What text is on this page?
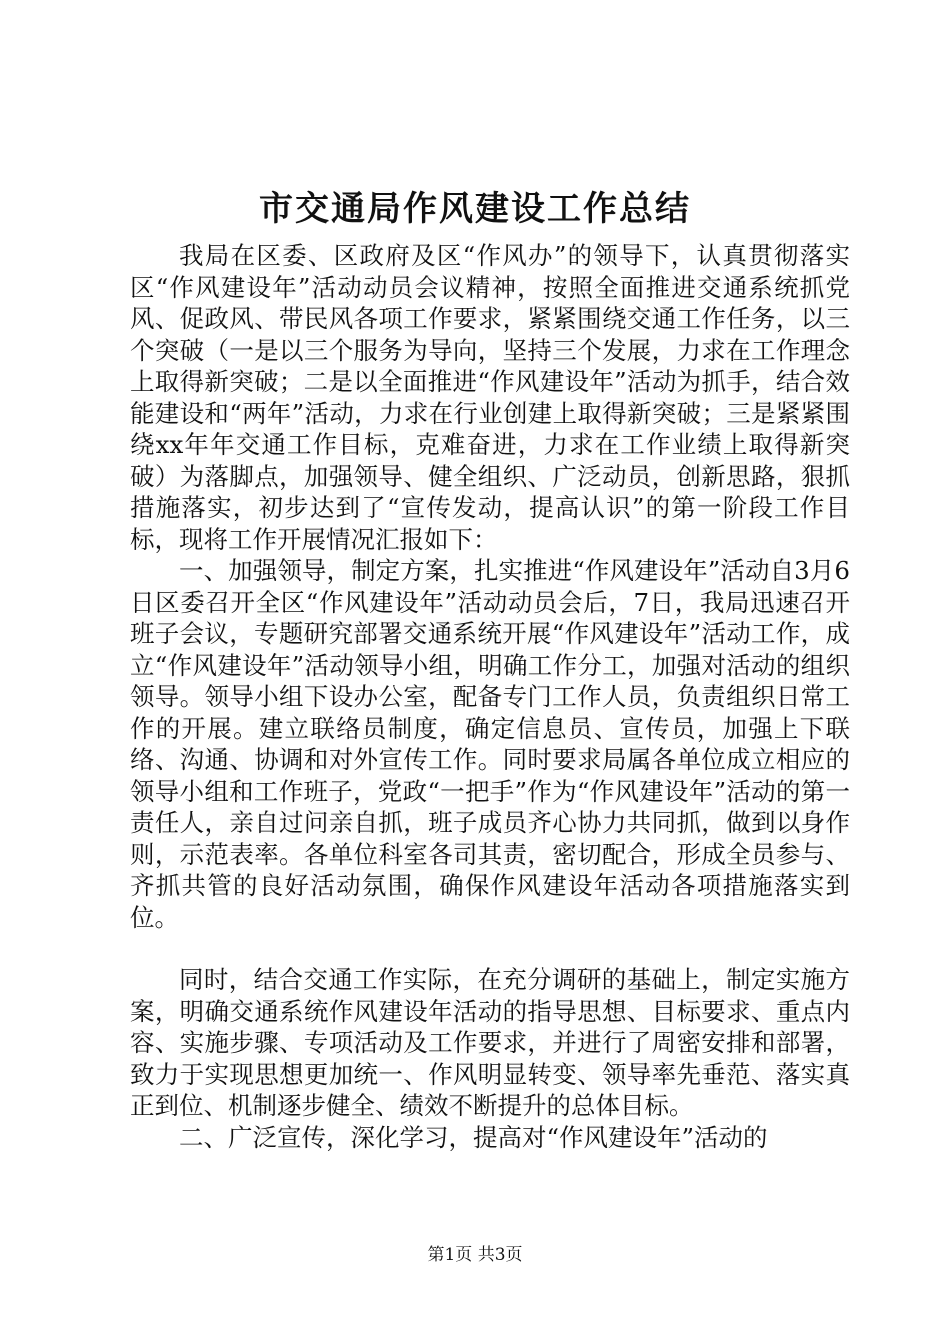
市交通局作风建设工作总结

我局在区委、区政府及区“作风办”的领导下，认真贯彻落实区“作风建设年”活动动员会议精神，按照全面推进交通系统抓党风、促政风、带民风各项工作要求，紧紧围绕交通工作任务，以三个突破（一是以三个服务为导向，坚持三个发展，力求在工作理念上取得新突破；二是以全面推进“作风建设年”活动为抓手，结合效能建设和“两年”活动，力求在行业创建上取得新突破；三是紧紧围绕xx年年交通工作目标，克难奋进，力求在工作业绩上取得新突破）为落脚点，加强领导、健全组织、广泛动员，创新思路，狠抓措施落实，初步达到了“宣传发动，提高认识”的第一阶段工作目标，现将工作开展情况汇报如下：

一、加强领导，制定方案，扎实推进“作风建设年”活动自3月6日区委召开全区“作风建设年”活动动员会后，7日，我局迅速召开班子会议，专题研究部署交通系统开展“作风建设年”活动工作，成立“作风建设年”活动领导小组，明确工作分工，加强对活动的组织领导。领导小组下设办公室，配备专门工作人员，负责组织日常工作的开展。建立联络员制度，确定信息员、宣传员，加强上下联络、沟通、协调和对外宣传工作。同时要求局属各单位成立相应的领导小组和工作班子，党政“一把手”作为“作风建设年”活动的第一责任人，亲自过问亲自抓，班子成员齐心协力共同抓，做到以身作则，示范表率。各单位科室各司其责，密切配合，形成全员参与、齐抓共管的良好活动氛围，确保作风建设年活动各项措施落实到位。

同时，结合交通工作实际，在充分调研的基础上，制定实施方案，明确交通系统作风建设年活动的指导思想、目标要求、重点内容、实施步骤、专项活动及工作要求，并进行了周密安排和部署，致力于实现思想更加统一、作风明显转变、领导率先垂范、落实真正到位、机制逐步健全、绩效不断提升的总体目标。

二、广泛宣传，深化学习，提高对“作风建设年”活动的

第1页 共3页
